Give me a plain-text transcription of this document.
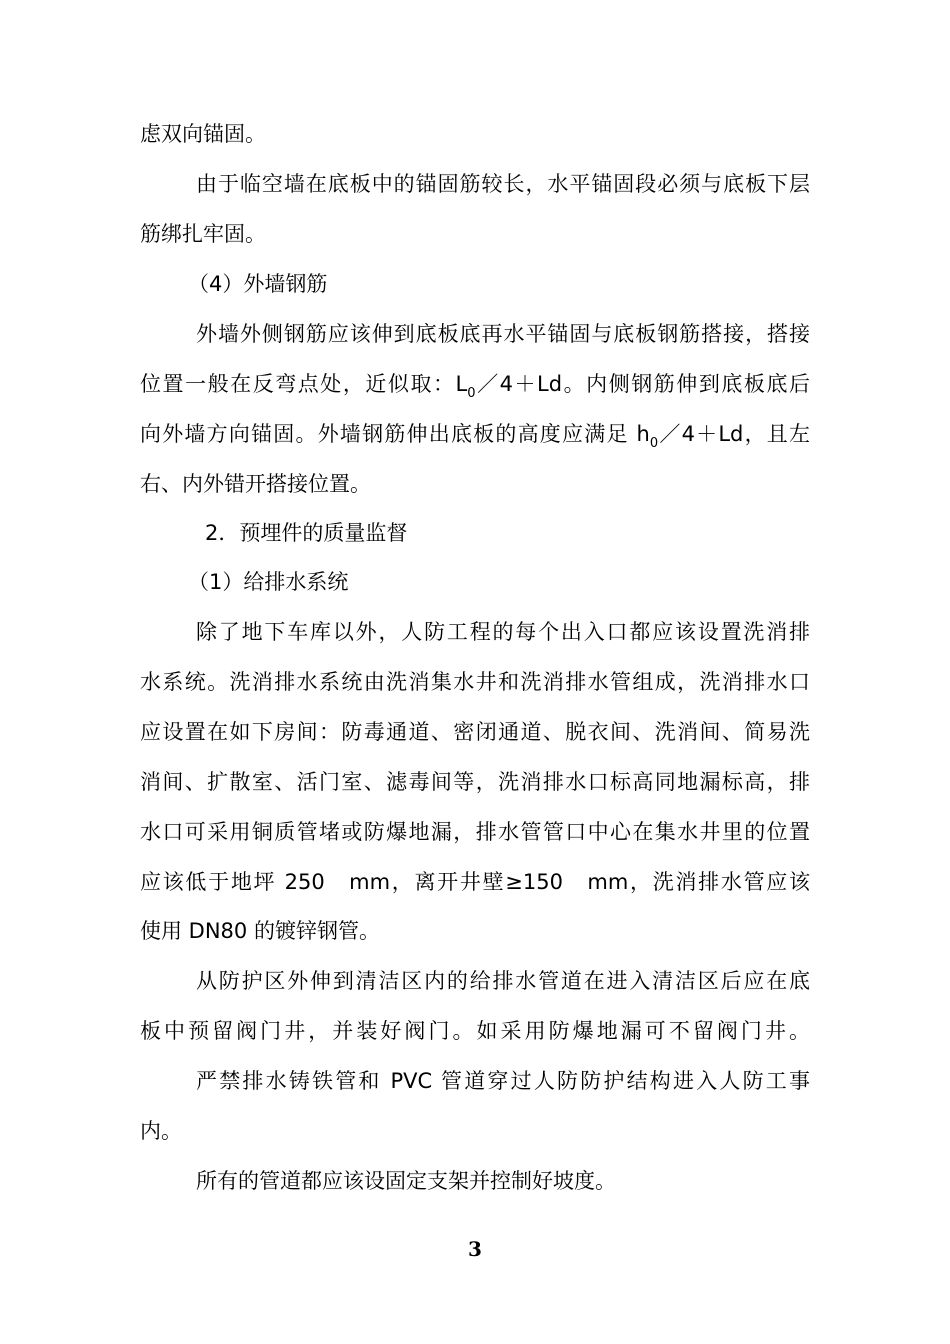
虑双向锚固。
由于临空墙在底板中的锚固筋较长，水平锚固段必须与底板下层
筋绑扎牢固。
（4）外墙钢筋
外墙外侧钢筋应该伸到底板底再水平锚固与底板钢筋搭接，搭接
位置一般在反弯点处，近似取：$L_0/4+Ld$。内侧钢筋伸到底板底后
向外墙方向锚固。外墙钢筋伸出底板的高度应满足 $h_0/4+Ld$，且左
右、内外错开搭接位置。
2．预埋件的质量监督
（1）给排水系统
除了地下车库以外，人防工程的每个出入口都应该设置洗消排
水系统。洗消排水系统由洗消集水井和洗消排水管组成，洗消排水口
应设置在如下房间：防毒通道、密闭通道、脱衣间、洗消间、简易洗
消间、扩散室、活门室、滤毒间等，洗消排水口标高同地漏标高，排
水口可采用铜质管堵或防爆地漏，排水管管口中心在集水井里的位置
应该低于地坪 250　mm，离开井壁≥150　mm，洗消排水管应该
使用 DN80 的镀锌钢管。
从防护区外伸到清洁区内的给排水管道在进入清洁区后应在底
板中预留阀门井，并装好阀门。如采用防爆地漏可不留阀门井。
严禁排水铸铁管和 PVC 管道穿过人防防护结构进入人防工事
内。
所有的管道都应该设固定支架并控制好坡度。
3
